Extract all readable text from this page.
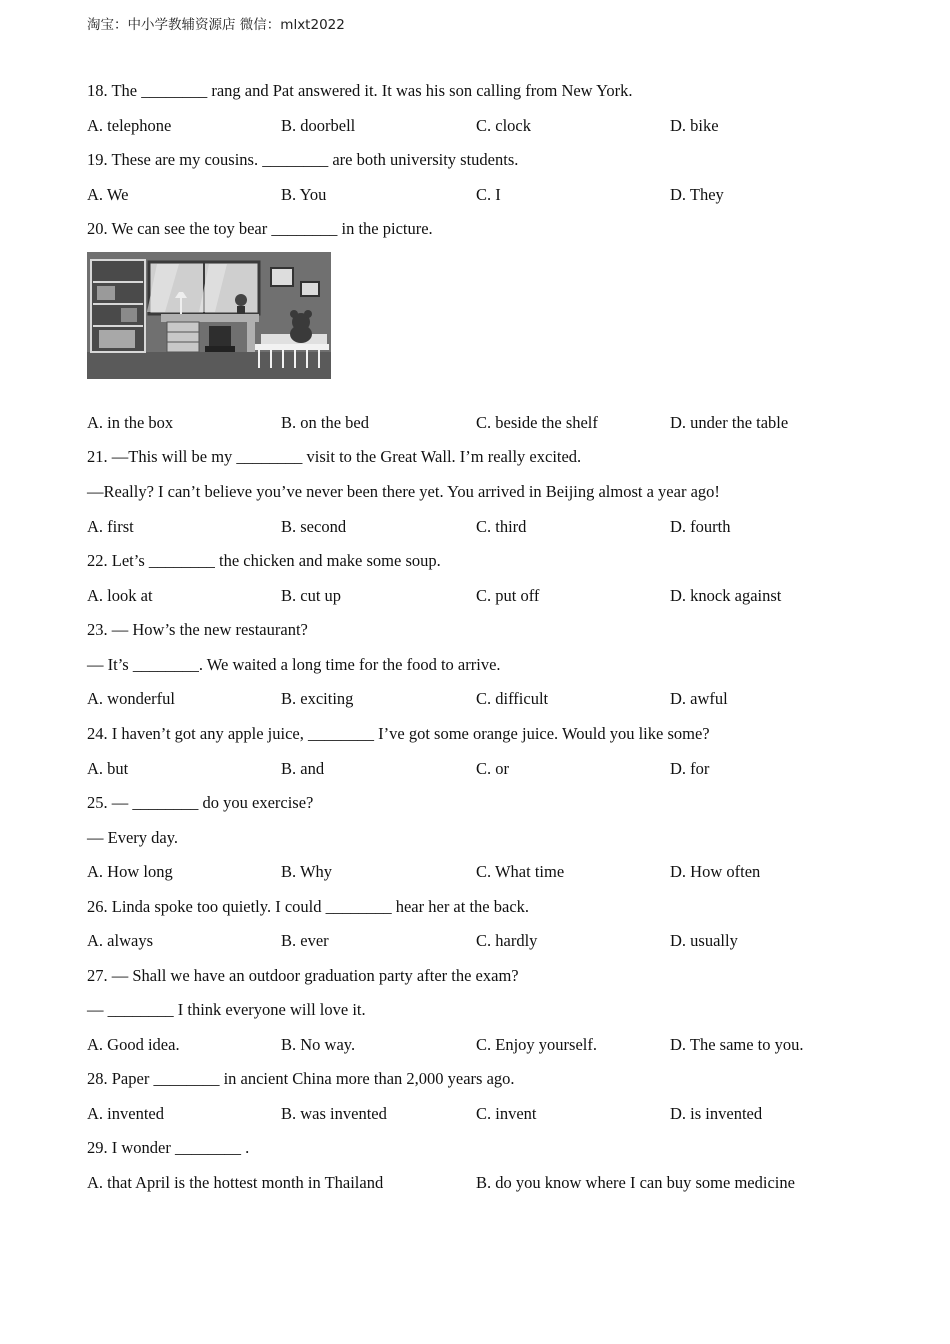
淘宝：中小学教辅资源店 微信：mlxt2022
18. The ________ rang and Pat answered it. It was his son calling from New York.
A. telephone	B. doorbell	C. clock	D. bike
19. These are my cousins. ________ are both university students.
A. We	B. You	C. I	D. They
20. We can see the toy bear ________ in the picture.
A. in the box	B. on the bed	C. beside the shelf	D. under the table
21. —This will be my ________ visit to the Great Wall. I’m really excited.
—Really? I can’t believe you’ve never been there yet. You arrived in Beijing almost a year ago!
A. first	B. second	C. third	D. fourth
22. Let’s ________ the chicken and make some soup.
A. look at	B. cut up	C. put off	D. knock against
23. — How’s the new restaurant?
— It’s ________. We waited a long time for the food to arrive.
A. wonderful	B. exciting	C. difficult	D. awful
24. I haven’t got any apple juice, ________ I’ve got some orange juice. Would you like some?
A. but	B. and	C. or	D. for
25. — ________ do you exercise?
— Every day.
A. How long	B. Why	C. What time	D. How often
26. Linda spoke too quietly. I could ________ hear her at the back.
A. always	B. ever	C. hardly	D. usually
27. — Shall we have an outdoor graduation party after the exam?
— ________ I think everyone will love it.
A. Good idea.	B. No way.	C. Enjoy yourself.	D. The same to you.
28. Paper ________ in ancient China more than 2,000 years ago.
A. invented	B. was invented	C. invent	D. is invented
29. I wonder ________ .
A. that April is the hottest month in Thailand	B. do you know where I can buy some medicine
